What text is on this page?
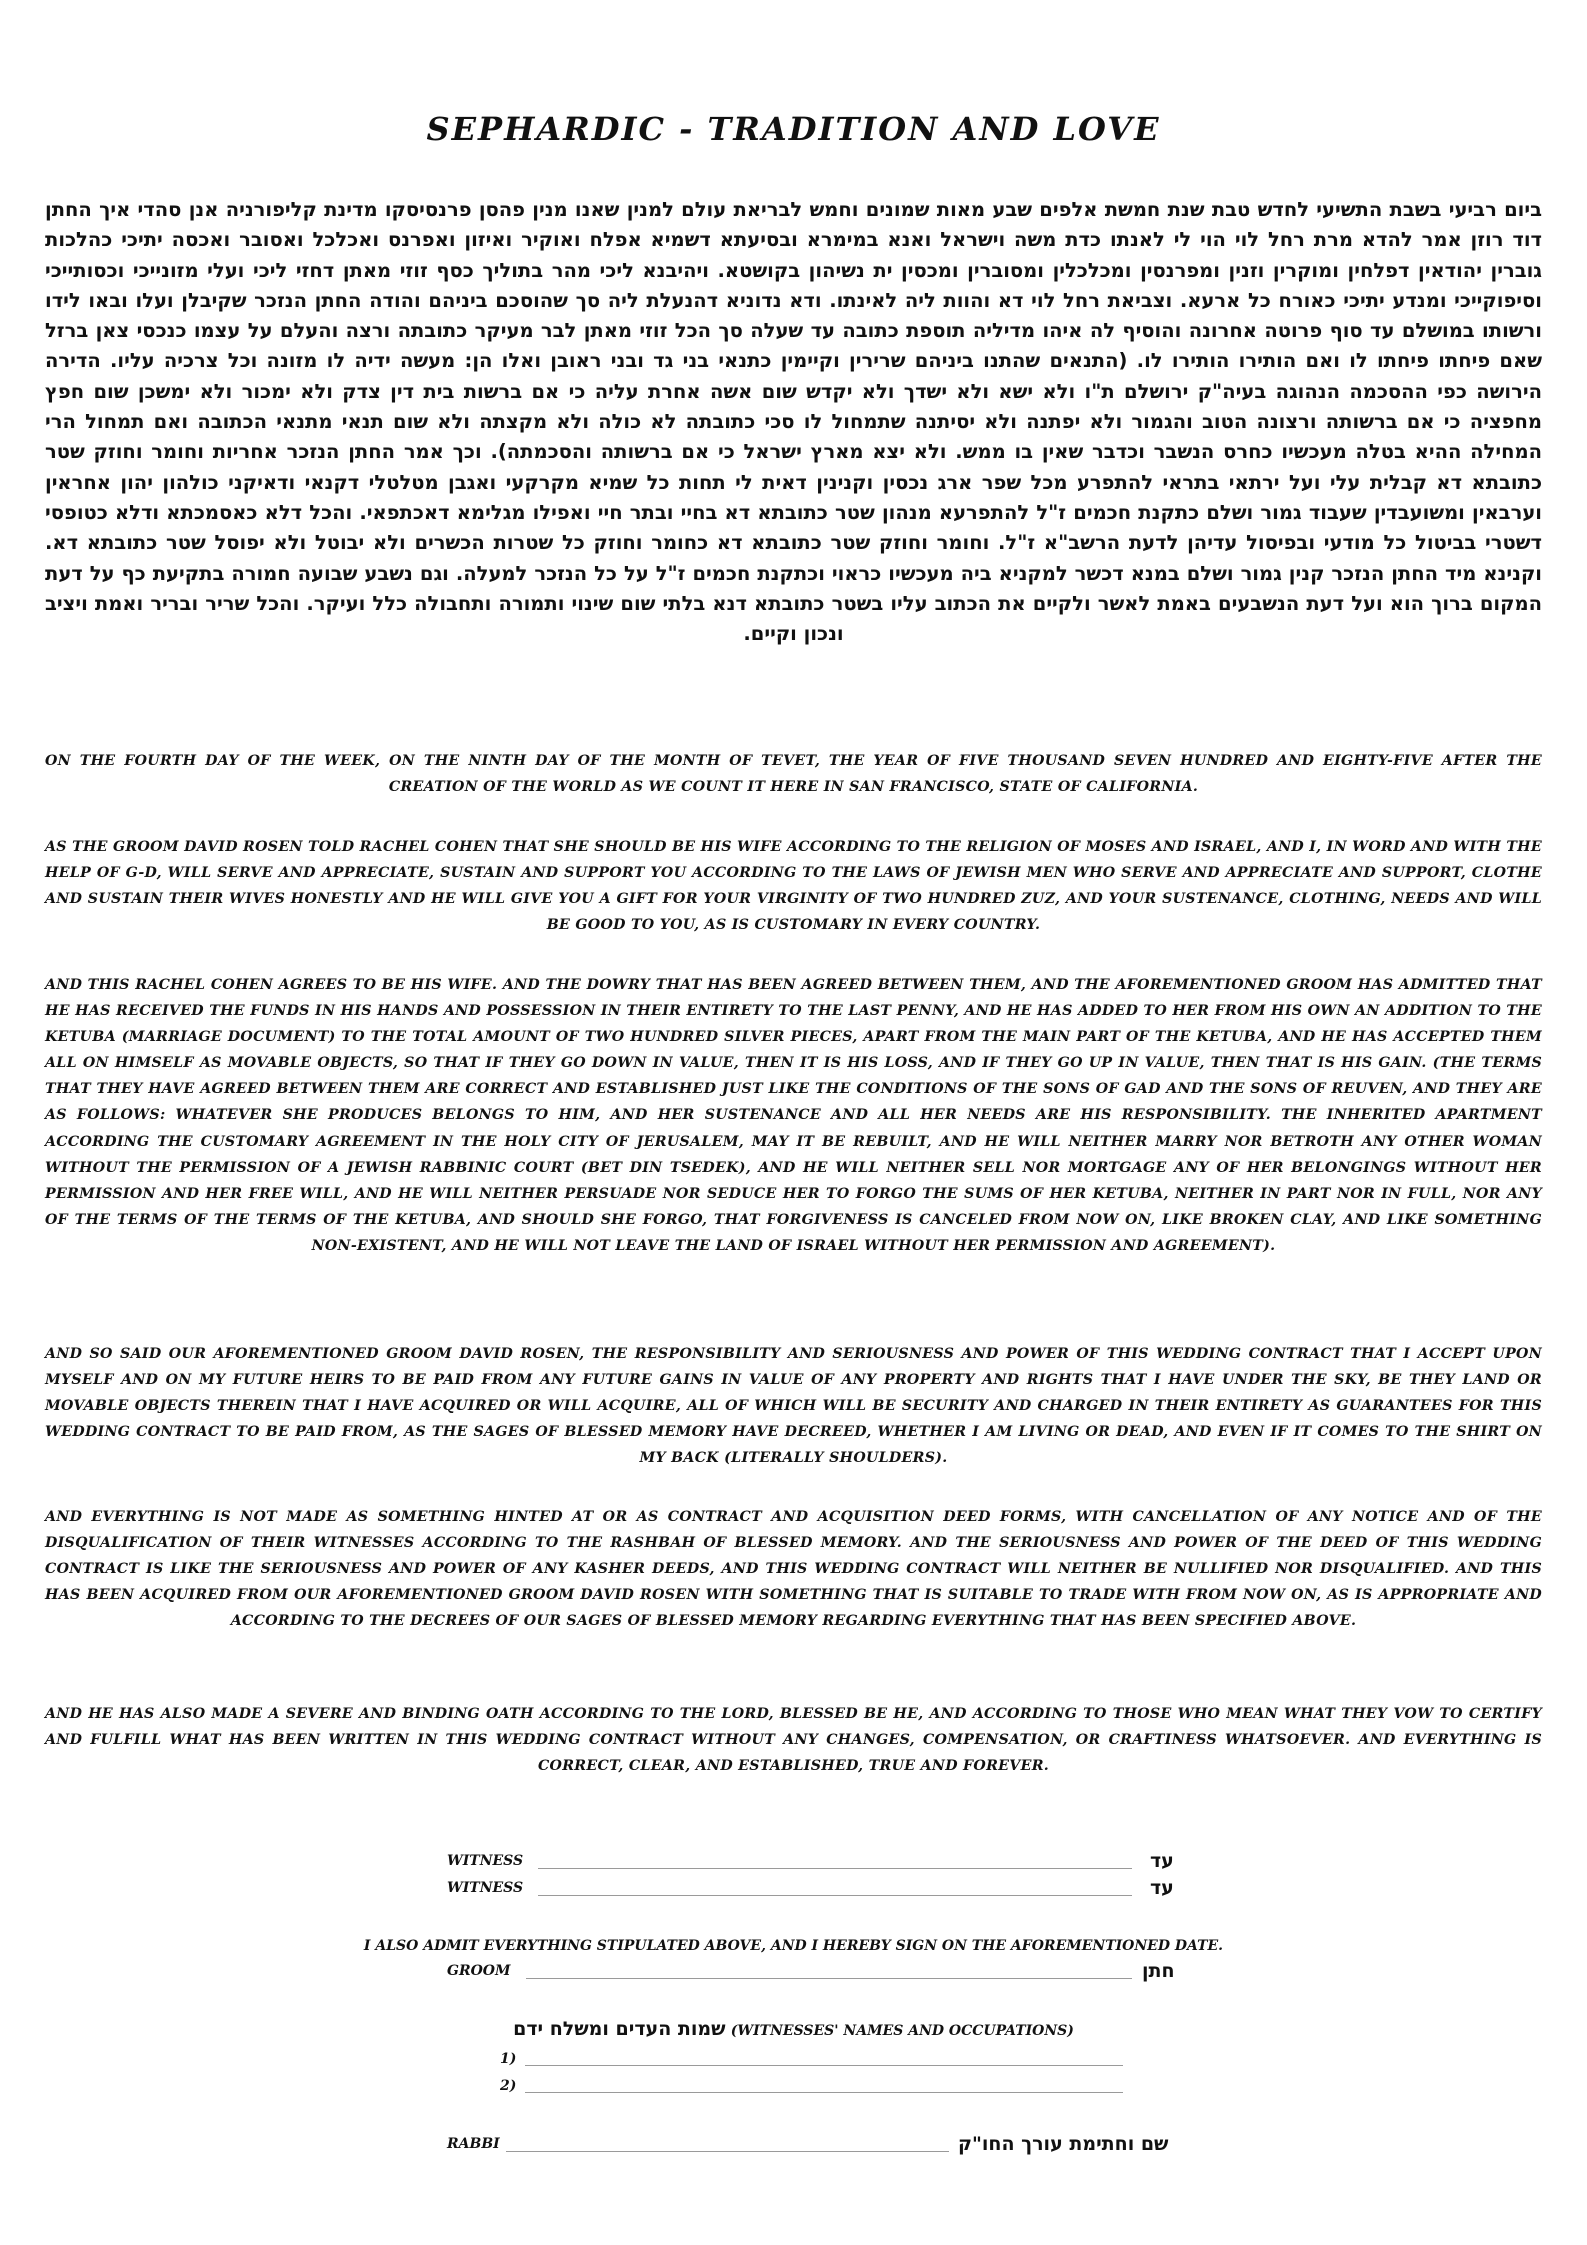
SEPHARDIC - TRADITION AND LOVE

ביום רביעי בשבת התשיעי לחדש טבת שנת חמשת אלפים שבע מאות שמונים וחמש לבריאת עולם למנין שאנו מנין פהסן פרנסיסקו מדינת קליפורניה אנן סהדי איך החתן דוד רוזן אמר להדא מרת רחל לוי הוי לי לאנתו כדת משה וישראל ואנא במימרא ובסיעתא דשמיא אפלח ואוקיר ואיזון ואפרנס ואכלכל ואסובר ואכסה יתיכי כהלכות גוברין יהודאין דפלחין ומוקרין וזנין ומפרנסין ומכלכלין ומסוברין ומכסין ית נשיהון בקושטא. ויהיבנא ליכי מהר בתוליך כסף זוזי מאתן דחזי ליכי ועלי מזונייכי וכסותייכי וסיפוקייכי ומנדע יתיכי כאורח כל ארעא. וצביאת רחל לוי דא והוות ליה לאינתו. ודא נדוניא דהנעלת ליה סך שהוסכם ביניהם והודה החתן הנזכר שקיבלן ועלו ובאו לידו ורשותו במושלם עד סוף פרוטה אחרונה והוסיף לה איהו מדיליה תוספת כתובה עד שעלה סך הכל זוזי מאתן לבר מעיקר כתובתה ורצה והעלם על עצמו כנכסי צאן ברזל שאם פיחתו פיחתו לו ואם הותירו הותירו לו. (התנאים שהתנו ביניהם שרירין וקיימין כתנאי בני גד ובני ראובן ואלו הן: מעשה ידיה לו מזונה וכל צרכיה עליו. הדירה הירושה כפי ההסכמה הנהוגה בעיה"ק ירושלם ת"ו ולא ישא ולא ישדך ולא יקדש שום אשה אחרת עליה כי אם ברשות בית דין צדק ולא ימכור ולא ימשכן שום חפץ מחפציה כי אם ברשותה ורצונה הטוב והגמור ולא יפתנה ולא יסיתנה שתמחול לו סכי כתובתה לא כולה ולא מקצתה ולא שום תנאי מתנאי הכתובה ואם תמחול הרי המחילה ההיא בטלה מעכשיו כחרס הנשבר וכדבר שאין בו ממש. ולא יצא מארץ ישראל כי אם ברשותה והסכמתה). וכך אמר החתן הנזכר אחריות וחומר וחוזק שטר כתובתא דא קבלית עלי ועל ירתאי בתראי להתפרע מכל שפר ארג נכסין וקנינין דאית לי תחות כל שמיא מקרקעי ואגבן מטלטלי דקנאי ודאיקני כולהון יהון אחראין וערבאין ומשועבדין שעבוד גמור ושלם כתקנת חכמים ז"ל להתפרעא מנהון שטר כתובתא דא בחיי ובתר חיי ואפילו מגלימא דאכתפאי. והכל דלא כאסמכתא ודלא כטופסי דשטרי בביטול כל מודעי ובפיסול עדיהן לדעת הרשב"א ז"ל. וחומר וחוזק שטר כתובתא דא כחומר וחוזק כל שטרות הכשרים ולא יבוטל ולא יפוסל שטר כתובתא דא. וקנינא מיד החתן הנזכר קנין גמור ושלם במנא דכשר למקניא ביה מעכשיו כראוי וכתקנת חכמים ז"ל על כל הנזכר למעלה. וגם נשבע שבועה חמורה בתקיעת כף על דעת המקום ברוך הוא ועל דעת הנשבעים באמת לאשר ולקיים את הכתוב עליו בשטר כתובתא דנא בלתי שום שינוי ותמורה ותחבולה כלל ועיקר. והכל שריר ובריר ואמת ויציב ונכון וקיים.

ON THE FOURTH DAY OF THE WEEK, ON THE NINTH DAY OF THE MONTH OF TEVET, THE YEAR OF FIVE THOUSAND SEVEN HUNDRED AND EIGHTY-FIVE AFTER THE CREATION OF THE WORLD AS WE COUNT IT HERE IN SAN FRANCISCO, STATE OF CALIFORNIA.

AS THE GROOM DAVID ROSEN TOLD RACHEL COHEN THAT SHE SHOULD BE HIS WIFE ACCORDING TO THE RELIGION OF MOSES AND ISRAEL, AND I, IN WORD AND WITH THE HELP OF G-D, WILL SERVE AND APPRECIATE, SUSTAIN AND SUPPORT YOU ACCORDING TO THE LAWS OF JEWISH MEN WHO SERVE AND APPRECIATE AND SUPPORT, CLOTHE AND SUSTAIN THEIR WIVES HONESTLY AND HE WILL GIVE YOU A GIFT FOR YOUR VIRGINITY OF TWO HUNDRED ZUZ, AND YOUR SUSTENANCE, CLOTHING, NEEDS AND WILL BE GOOD TO YOU, AS IS CUSTOMARY IN EVERY COUNTRY.

AND THIS RACHEL COHEN AGREES TO BE HIS WIFE. AND THE DOWRY THAT HAS BEEN AGREED BETWEEN THEM, AND THE AFOREMENTIONED GROOM HAS ADMITTED THAT HE HAS RECEIVED THE FUNDS IN HIS HANDS AND POSSESSION IN THEIR ENTIRETY TO THE LAST PENNY, AND HE HAS ADDED TO HER FROM HIS OWN AN ADDITION TO THE KETUBA (MARRIAGE DOCUMENT) TO THE TOTAL AMOUNT OF TWO HUNDRED SILVER PIECES, APART FROM THE MAIN PART OF THE KETUBA, AND HE HAS ACCEPTED THEM ALL ON HIMSELF AS MOVABLE OBJECTS, SO THAT IF THEY GO DOWN IN VALUE, THEN IT IS HIS LOSS, AND IF THEY GO UP IN VALUE, THEN THAT IS HIS GAIN. (THE TERMS THAT THEY HAVE AGREED BETWEEN THEM ARE CORRECT AND ESTABLISHED JUST LIKE THE CONDITIONS OF THE SONS OF GAD AND THE SONS OF REUVEN, AND THEY ARE AS FOLLOWS: WHATEVER SHE PRODUCES BELONGS TO HIM, AND HER SUSTENANCE AND ALL HER NEEDS ARE HIS RESPONSIBILITY. THE INHERITED APARTMENT ACCORDING THE CUSTOMARY AGREEMENT IN THE HOLY CITY OF JERUSALEM, MAY IT BE REBUILT, AND HE WILL NEITHER MARRY NOR BETROTH ANY OTHER WOMAN WITHOUT THE PERMISSION OF A JEWISH RABBINIC COURT (BET DIN TSEDEK), AND HE WILL NEITHER SELL NOR MORTGAGE ANY OF HER BELONGINGS WITHOUT HER PERMISSION AND HER FREE WILL, AND HE WILL NEITHER PERSUADE NOR SEDUCE HER TO FORGO THE SUMS OF HER KETUBA, NEITHER IN PART NOR IN FULL, NOR ANY OF THE TERMS OF THE TERMS OF THE KETUBA, AND SHOULD SHE FORGO, THAT FORGIVENESS IS CANCELED FROM NOW ON, LIKE BROKEN CLAY, AND LIKE SOMETHING NON-EXISTENT, AND HE WILL NOT LEAVE THE LAND OF ISRAEL WITHOUT HER PERMISSION AND AGREEMENT).

AND SO SAID OUR AFOREMENTIONED GROOM DAVID ROSEN, THE RESPONSIBILITY AND SERIOUSNESS AND POWER OF THIS WEDDING CONTRACT THAT I ACCEPT UPON MYSELF AND ON MY FUTURE HEIRS TO BE PAID FROM ANY FUTURE GAINS IN VALUE OF ANY PROPERTY AND RIGHTS THAT I HAVE UNDER THE SKY, BE THEY LAND OR MOVABLE OBJECTS THEREIN THAT I HAVE ACQUIRED OR WILL ACQUIRE, ALL OF WHICH WILL BE SECURITY AND CHARGED IN THEIR ENTIRETY AS GUARANTEES FOR THIS WEDDING CONTRACT TO BE PAID FROM, AS THE SAGES OF BLESSED MEMORY HAVE DECREED, WHETHER I AM LIVING OR DEAD, AND EVEN IF IT COMES TO THE SHIRT ON MY BACK (LITERALLY SHOULDERS).

AND EVERYTHING IS NOT MADE AS SOMETHING HINTED AT OR AS CONTRACT AND ACQUISITION DEED FORMS, WITH CANCELLATION OF ANY NOTICE AND OF THE DISQUALIFICATION OF THEIR WITNESSES ACCORDING TO THE RASHBAH OF BLESSED MEMORY. AND THE SERIOUSNESS AND POWER OF THE DEED OF THIS WEDDING CONTRACT IS LIKE THE SERIOUSNESS AND POWER OF ANY KASHER DEEDS, AND THIS WEDDING CONTRACT WILL NEITHER BE NULLIFIED NOR DISQUALIFIED. AND THIS HAS BEEN ACQUIRED FROM OUR AFOREMENTIONED GROOM DAVID ROSEN WITH SOMETHING THAT IS SUITABLE TO TRADE WITH FROM NOW ON, AS IS APPROPRIATE AND ACCORDING TO THE DECREES OF OUR SAGES OF BLESSED MEMORY REGARDING EVERYTHING THAT HAS BEEN SPECIFIED ABOVE.

AND HE HAS ALSO MADE A SEVERE AND BINDING OATH ACCORDING TO THE LORD, BLESSED BE HE, AND ACCORDING TO THOSE WHO MEAN WHAT THEY VOW TO CERTIFY AND FULFILL WHAT HAS BEEN WRITTEN IN THIS WEDDING CONTRACT WITHOUT ANY CHANGES, COMPENSATION, OR CRAFTINESS WHATSOEVER. AND EVERYTHING IS CORRECT, CLEAR, AND ESTABLISHED, TRUE AND FOREVER.

WITNESS	עד
WITNESS	עד
I ALSO ADMIT EVERYTHING STIPULATED ABOVE, AND I HEREBY SIGN ON THE AFOREMENTIONED DATE.
GROOM	חתן
שמות העדים ומשלח ידם (WITNESSES' NAMES AND OCCUPATIONS)
1)
2)
RABBI	שם וחתימת עורך החו"ק
